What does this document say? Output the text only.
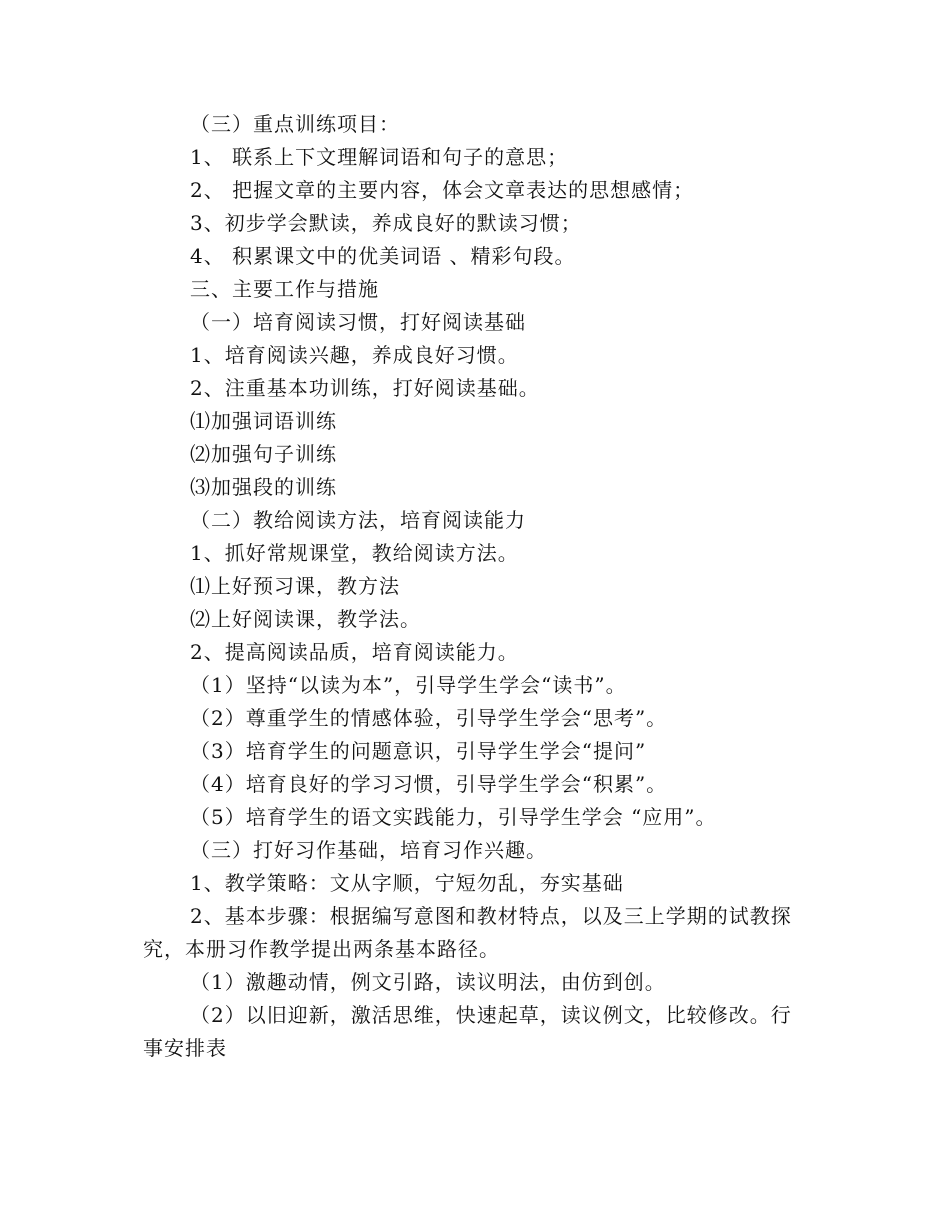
（三）重点训练项目：
1、 联系上下文理解词语和句子的意思；
2、 把握文章的主要内容，体会文章表达的思想感情；
3、初步学会默读，养成良好的默读习惯；
4、 积累课文中的优美词语 、精彩句段。
三、主要工作与措施
（一）培育阅读习惯，打好阅读基础
1、培育阅读兴趣，养成良好习惯。
2、注重基本功训练，打好阅读基础。
⑴加强词语训练
⑵加强句子训练
⑶加强段的训练
（二）教给阅读方法，培育阅读能力
1、抓好常规课堂，教给阅读方法。
⑴上好预习课，教方法
⑵上好阅读课，教学法。
2、提高阅读品质，培育阅读能力。
（1）坚持“以读为本”，引导学生学会“读书”。
（2）尊重学生的情感体验，引导学生学会“思考”。
（3）培育学生的问题意识，引导学生学会“提问”
（4）培育良好的学习习惯，引导学生学会“积累”。
（5）培育学生的语文实践能力，引导学生学会 “应用”。
（三）打好习作基础，培育习作兴趣。
1、教学策略：文从字顺，宁短勿乱，夯实基础
2、基本步骤：根据编写意图和教材特点，以及三上学期的试教探
究，本册习作教学提出两条基本路径。
（1）激趣动情，例文引路，读议明法，由仿到创。
（2）以旧迎新，激活思维，快速起草，读议例文，比较修改。行
事安排表
